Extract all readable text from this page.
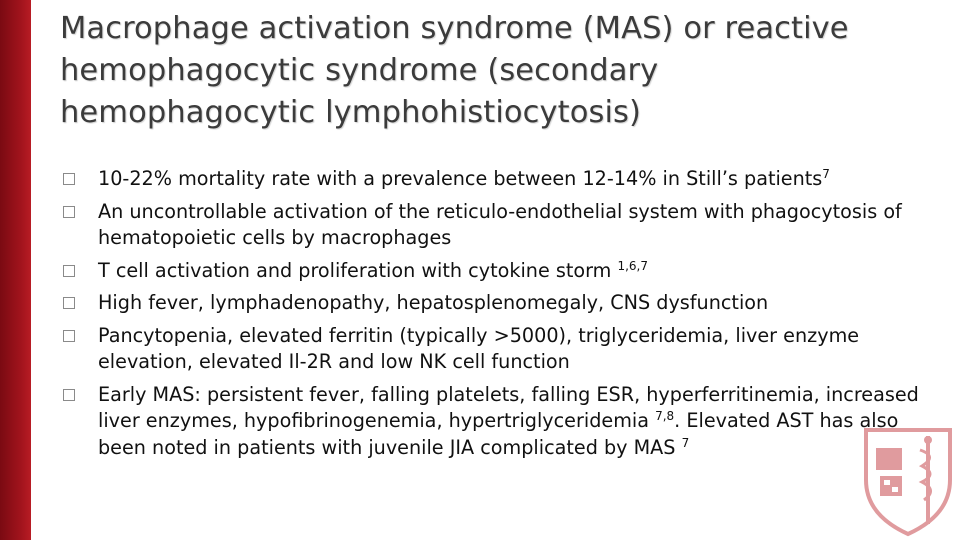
Macrophage activation syndrome (MAS) or reactive hemophagocytic syndrome (secondary hemophagocytic lymphohistiocytosis)
10-22% mortality rate with a prevalence between 12-14% in Still’s patients$^7$
An uncontrollable activation of the reticulo-endothelial system with phagocytosis of hematopoietic cells by macrophages
T cell activation and proliferation with cytokine storm $^{1,6,7}$
High fever, lymphadenopathy, hepatosplenomegaly, CNS dysfunction
Pancytopenia, elevated ferritin (typically >5000), triglyceridemia, liver enzyme elevation, elevated Il-2R and low NK cell function
Early MAS: persistent fever, falling platelets, falling ESR, hyperferritinemia, increased liver enzymes, hypofibrinogenemia, hypertriglyceridemia $^{7,8}$. Elevated AST has also been noted in patients with juvenile JIA complicated by MAS $^7$
